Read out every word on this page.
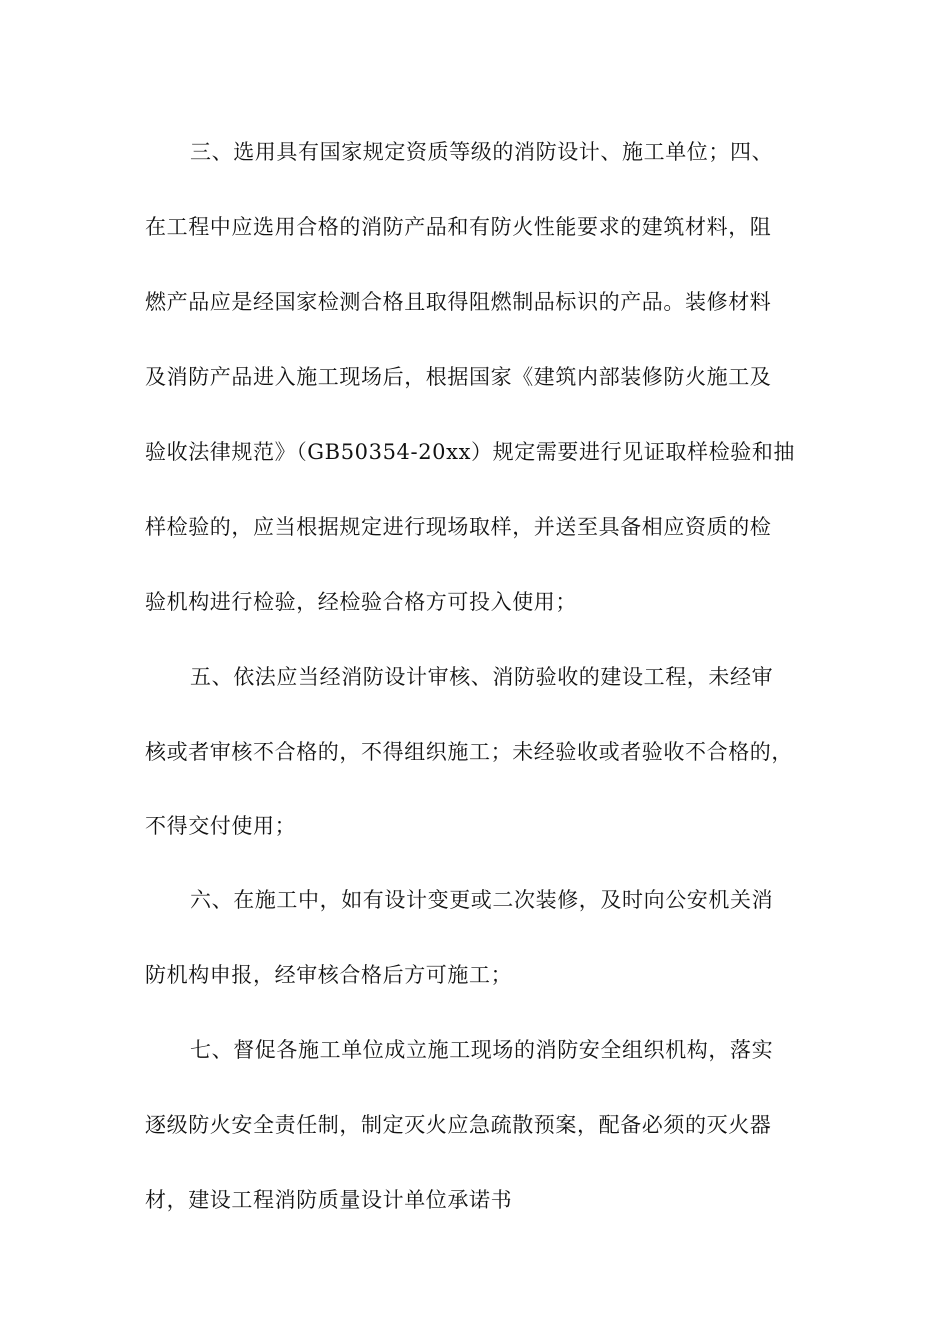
三、选用具有国家规定资质等级的消防设计、施工单位；四、
在工程中应选用合格的消防产品和有防火性能要求的建筑材料，阻
燃产品应是经国家检测合格且取得阻燃制品标识的产品。装修材料
及消防产品进入施工现场后，根据国家《建筑内部装修防火施工及
验收法律规范》（GB50354-20xx）规定需要进行见证取样检验和抽
样检验的，应当根据规定进行现场取样，并送至具备相应资质的检
验机构进行检验，经检验合格方可投入使用；
五、依法应当经消防设计审核、消防验收的建设工程，未经审
核或者审核不合格的，不得组织施工；未经验收或者验收不合格的，
不得交付使用；
六、在施工中，如有设计变更或二次装修，及时向公安机关消
防机构申报，经审核合格后方可施工；
七、督促各施工单位成立施工现场的消防安全组织机构，落实
逐级防火安全责任制，制定灭火应急疏散预案，配备必须的灭火器
材，建设工程消防质量设计单位承诺书
